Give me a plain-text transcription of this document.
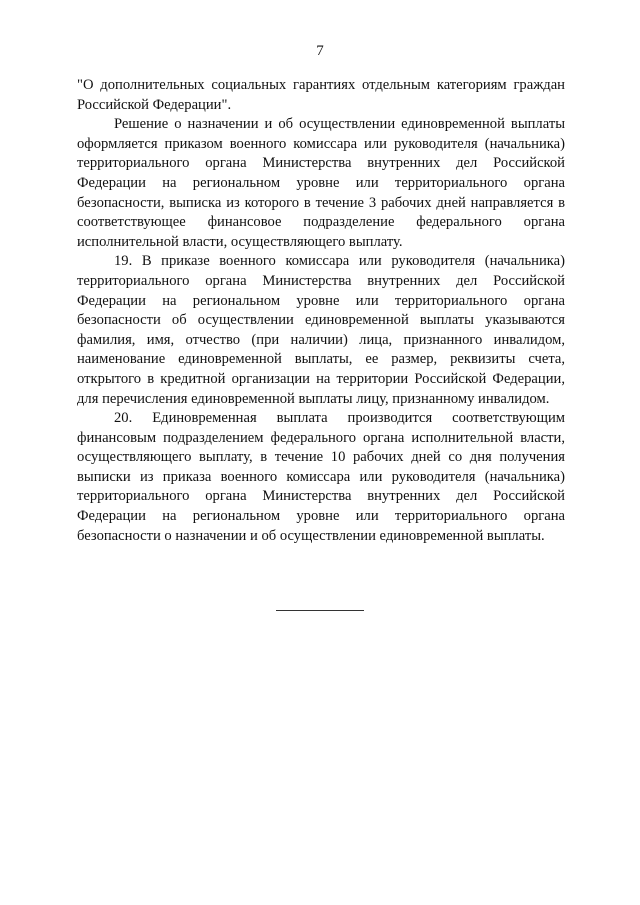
7

"О дополнительных социальных гарантиях отдельным категориям граждан Российской Федерации".

Решение о назначении и об осуществлении единовременной выплаты оформляется приказом военного комиссара или руководителя (начальника) территориального органа Министерства внутренних дел Российской Федерации на региональном уровне или территориального органа безопасности, выписка из которого в течение 3 рабочих дней направляется в соответствующее финансовое подразделение федерального органа исполнительной власти, осуществляющего выплату.

19. В приказе военного комиссара или руководителя (начальника) территориального органа Министерства внутренних дел Российской Федерации на региональном уровне или территориального органа безопасности об осуществлении единовременной выплаты указываются фамилия, имя, отчество (при наличии) лица, признанного инвалидом, наименование единовременной выплаты, ее размер, реквизиты счета, открытого в кредитной организации на территории Российской Федерации, для перечисления единовременной выплаты лицу, признанному инвалидом.

20. Единовременная выплата производится соответствующим финансовым подразделением федерального органа исполнительной власти, осуществляющего выплату, в течение 10 рабочих дней со дня получения выписки из приказа военного комиссара или руководителя (начальника) территориального органа Министерства внутренних дел Российской Федерации на региональном уровне или территориального органа безопасности о назначении и об осуществлении единовременной выплаты.
